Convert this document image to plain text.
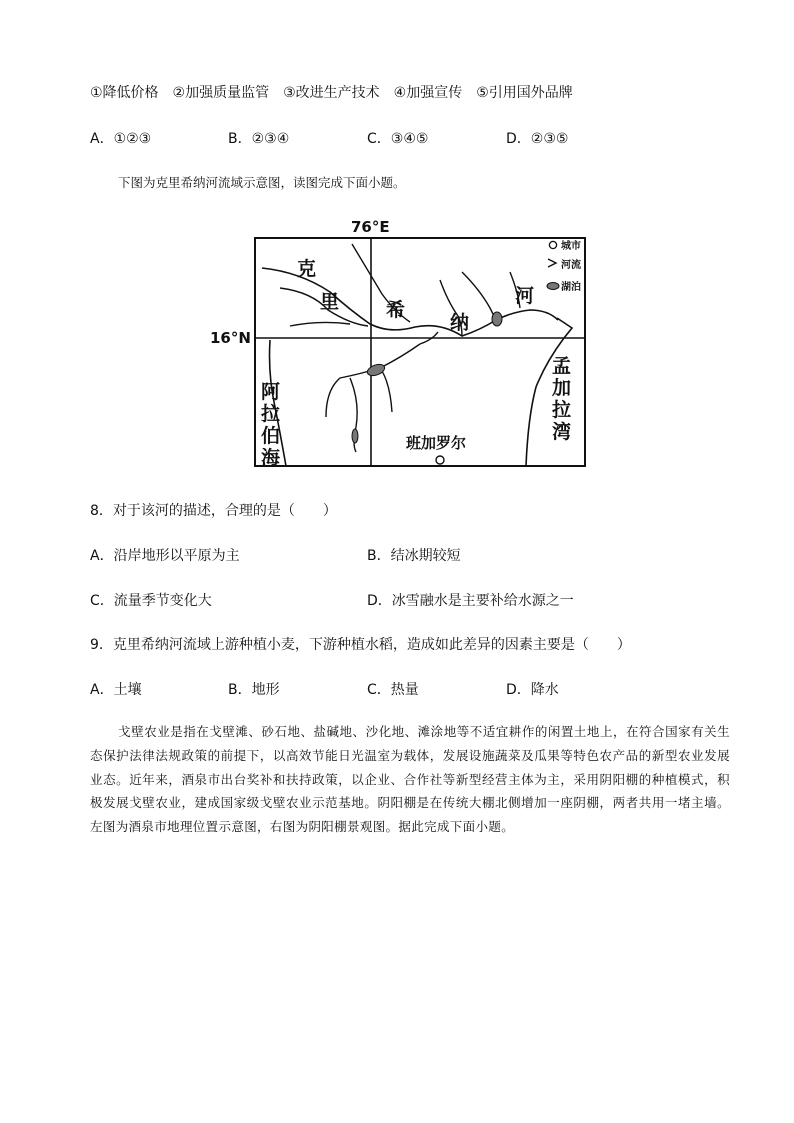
①降低价格　②加强质量监管　③改进生产技术　④加强宣传　⑤引用国外品牌
A．①②③	B．②③④	C．③④⑤	D．②③⑤
下图为克里希纳河流域示意图，读图完成下面小题。
76°E
16°N
克
里 希
纳
河
阿
拉
伯
海
孟
加
拉
湾
班加罗尔
城市
河流
湖泊
8．对于该河的描述，合理的是（　　）
A．沿岸地形以平原为主	B．结冰期较短
C．流量季节变化大	D．冰雪融水是主要补给水源之一
9．克里希纳河流域上游种植小麦，下游种植水稻，造成如此差异的因素主要是（　　）
A．土壤	B．地形	C．热量	D．降水
戈壁农业是指在戈壁滩、砂石地、盐碱地、沙化地、滩涂地等不适宜耕作的闲置土地上，在符合国家有关生态保护法律法规政策的前提下，以高效节能日光温室为载体，发展设施蔬菜及瓜果等特色农产品的新型农业发展业态。近年来，酒泉市出台奖补和扶持政策，以企业、合作社等新型经营主体为主，采用阴阳棚的种植模式，积极发展戈壁农业，建成国家级戈壁农业示范基地。阴阳棚是在传统大棚北侧增加一座阴棚，两者共用一堵主墙。左图为酒泉市地理位置示意图，右图为阴阳棚景观图。据此完成下面小题。
